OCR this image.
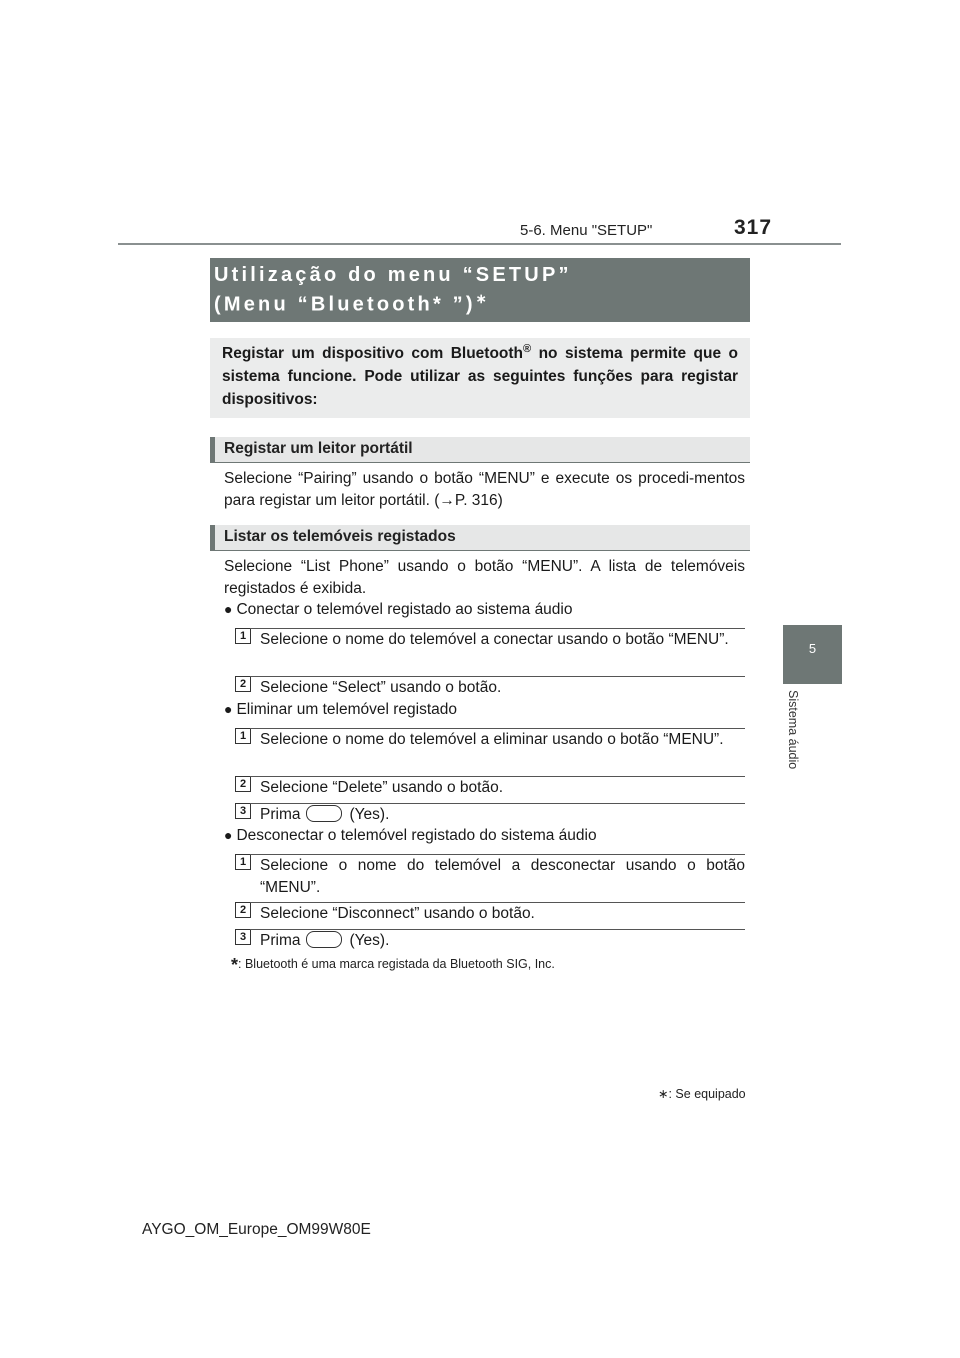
5-6. Menu "SETUP"	317
5
Sistema áudio
Utilização do menu “SETUP”
(Menu “Bluetooth* ”)∗
Registar um dispositivo com Bluetooth® no sistema permite que o sistema funcione. Pode utilizar as seguintes funções para registar dispositivos:
Registar um leitor portátil
Selecione “Pairing” usando o botão “MENU” e execute os procedi-mentos para registar um leitor portátil. (→P. 316)
Listar os telemóveis registados
Selecione “List Phone” usando o botão “MENU”. A lista de telemóveis registados é exibida.
● Conectar o telemóvel registado ao sistema áudio
1 Selecione o nome do telemóvel a conectar usando o botão “MENU”.
2 Selecione “Select” usando o botão.
● Eliminar um telemóvel registado
1 Selecione o nome do telemóvel a eliminar usando o botão “MENU”.
2 Selecione “Delete” usando o botão.
3 Prima	(Yes).
● Desconectar o telemóvel registado do sistema áudio
1 Selecione o nome do telemóvel a desconectar usando o botão “MENU”.
2 Selecione “Disconnect” usando o botão.
3 Prima	(Yes).
*: Bluetooth é uma marca registada da Bluetooth SIG, Inc.
∗: Se equipado
AYGO_OM_Europe_OM99W80E
